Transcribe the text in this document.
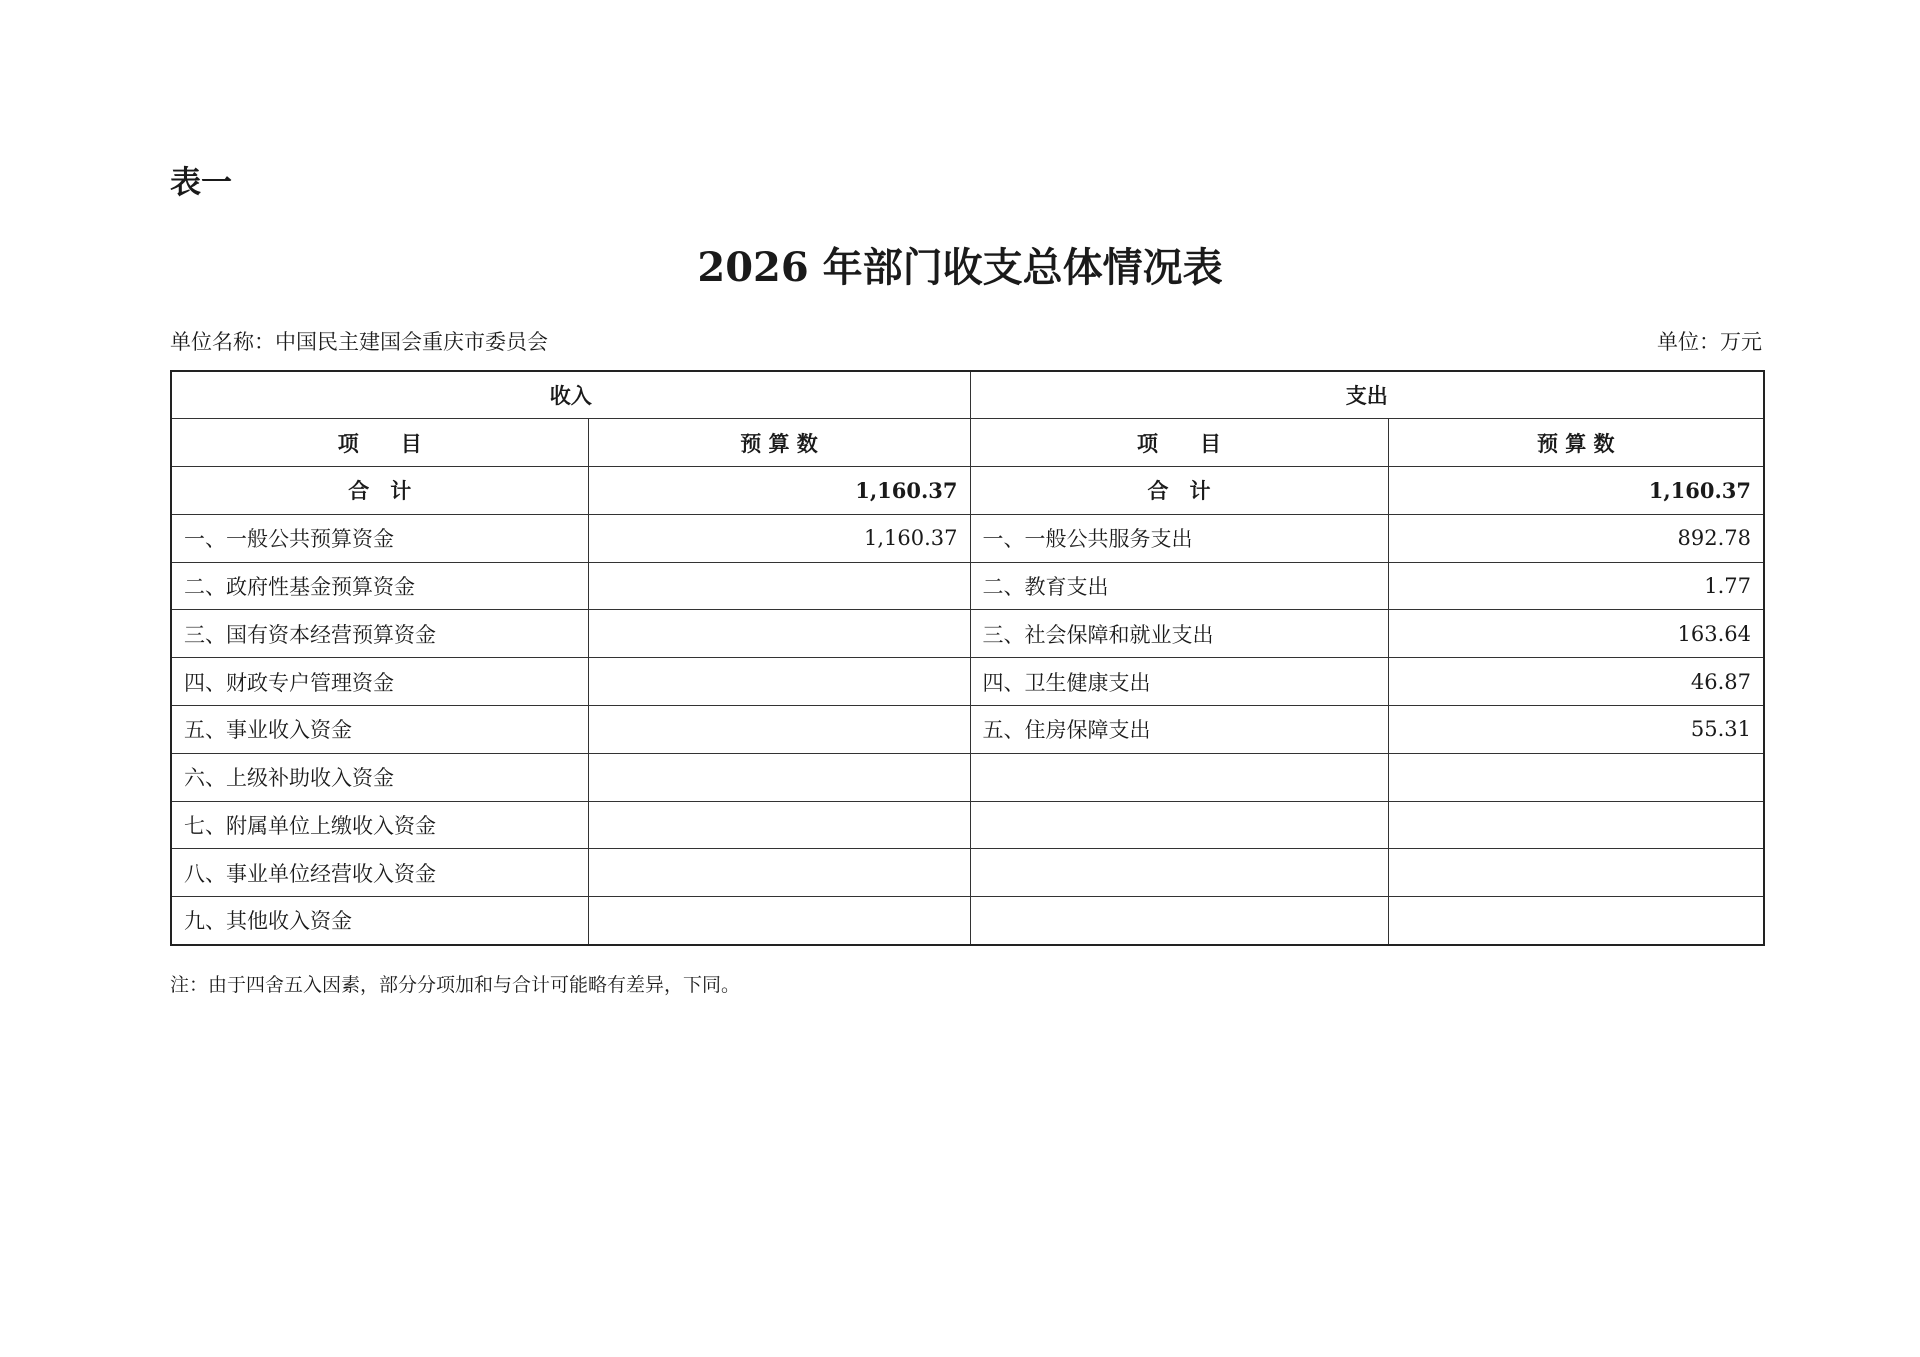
表一
2026 年部门收支总体情况表
单位名称：中国民主建国会重庆市委员会	单位：万元
收入		支出	
项　　目	预 算 数	项　　目	预 算 数
合　计	1,160.37	合　计	1,160.37
一、一般公共预算资金	1,160.37	一、一般公共服务支出	892.78
二、政府性基金预算资金		二、教育支出	1.77
三、国有资本经营预算资金		三、社会保障和就业支出	163.64
四、财政专户管理资金		四、卫生健康支出	46.87
五、事业收入资金		五、住房保障支出	55.31
六、上级补助收入资金			
七、附属单位上缴收入资金			
八、事业单位经营收入资金			
九、其他收入资金			
注：由于四舍五入因素，部分分项加和与合计可能略有差异，下同。
